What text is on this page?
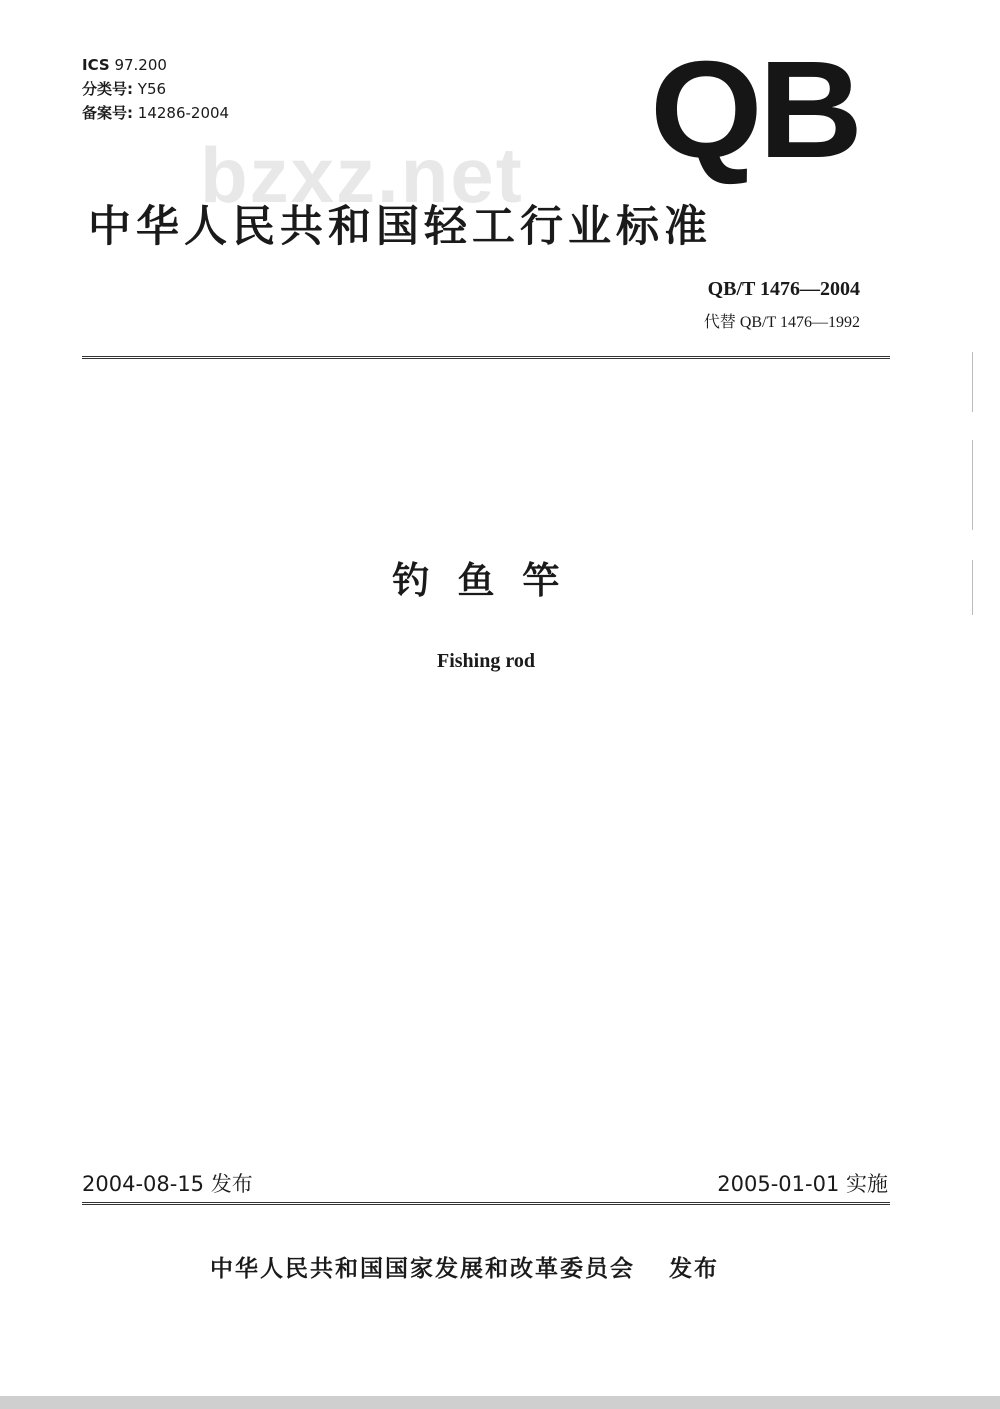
ICS 97.200
分类号: Y56
备案号: 14286-2004
bzxz.net QB
中华人民共和国轻工行业标准
QB/T 1476—2004
代替 QB/T 1476—1992
钓鱼竿
Fishing rod
2004-08-15 发布	2005-01-01 实施
中华人民共和国国家发展和改革委员会 发布
